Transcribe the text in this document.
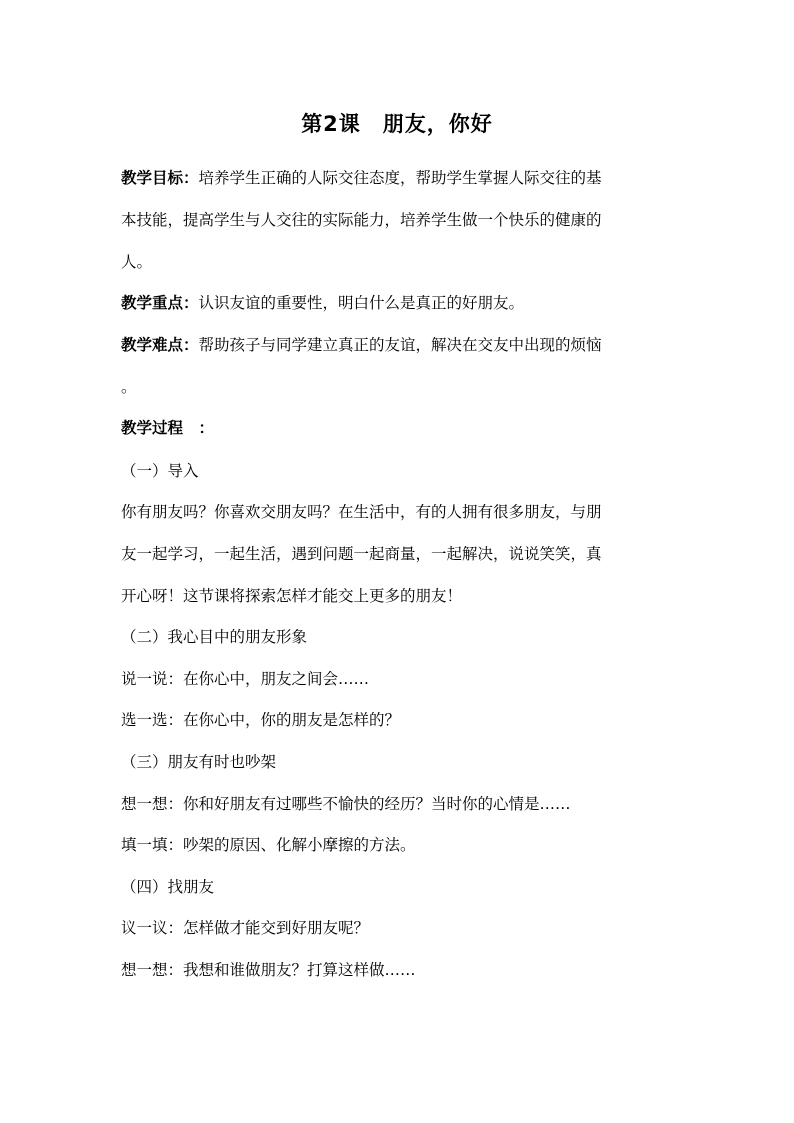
第2课　朋友，你好
教学目标：培养学生正确的人际交往态度，帮助学生掌握人际交往的基
本技能，提高学生与人交往的实际能力，培养学生做一个快乐的健康的
人。
教学重点：认识友谊的重要性，明白什么是真正的好朋友。
教学难点：帮助孩子与同学建立真正的友谊，解决在交友中出现的烦恼
。
教学过程　：
（一）导入
你有朋友吗？你喜欢交朋友吗？在生活中，有的人拥有很多朋友，与朋
友一起学习，一起生活，遇到问题一起商量，一起解决，说说笑笑，真
开心呀！这节课将探索怎样才能交上更多的朋友！
（二）我心目中的朋友形象
说一说：在你心中，朋友之间会……
选一选：在你心中，你的朋友是怎样的？
（三）朋友有时也吵架
想一想：你和好朋友有过哪些不愉快的经历？当时你的心情是……
填一填：吵架的原因、化解小摩擦的方法。
（四）找朋友
议一议：怎样做才能交到好朋友呢？
想一想：我想和谁做朋友？打算这样做……
